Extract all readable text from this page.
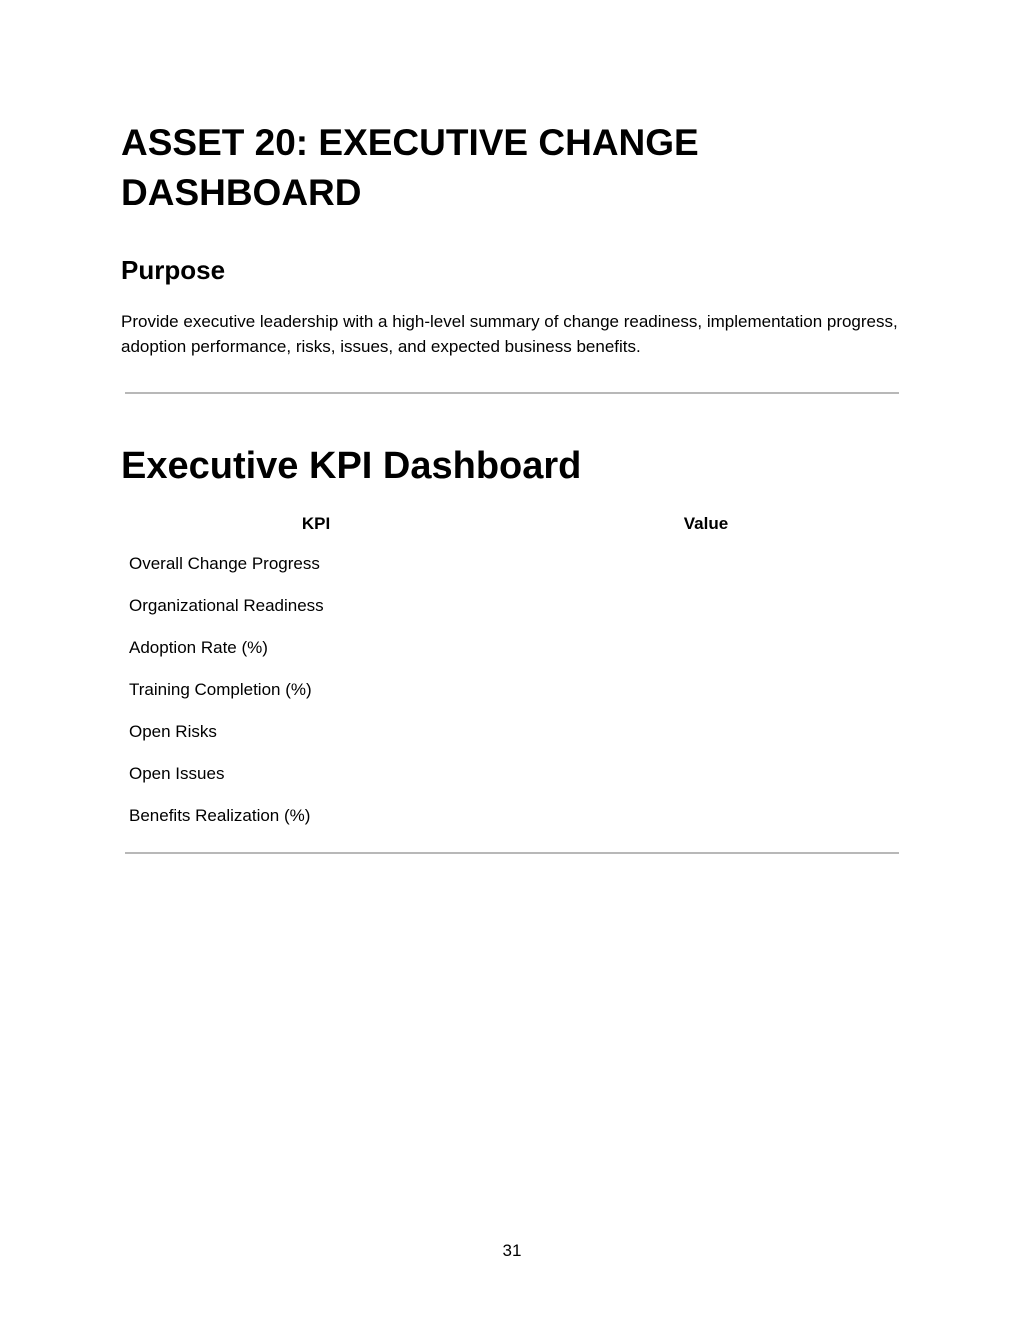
ASSET 20: EXECUTIVE CHANGE DASHBOARD
Purpose

Provide executive leadership with a high-level summary of change readiness, implementation progress, adoption performance, risks, issues, and expected business benefits.

Executive KPI Dashboard
KPI	Value
Overall Change Progress	
Organizational Readiness	
Adoption Rate (%)	
Training Completion (%)	
Open Risks	
Open Issues	
Benefits Realization (%)	
31
